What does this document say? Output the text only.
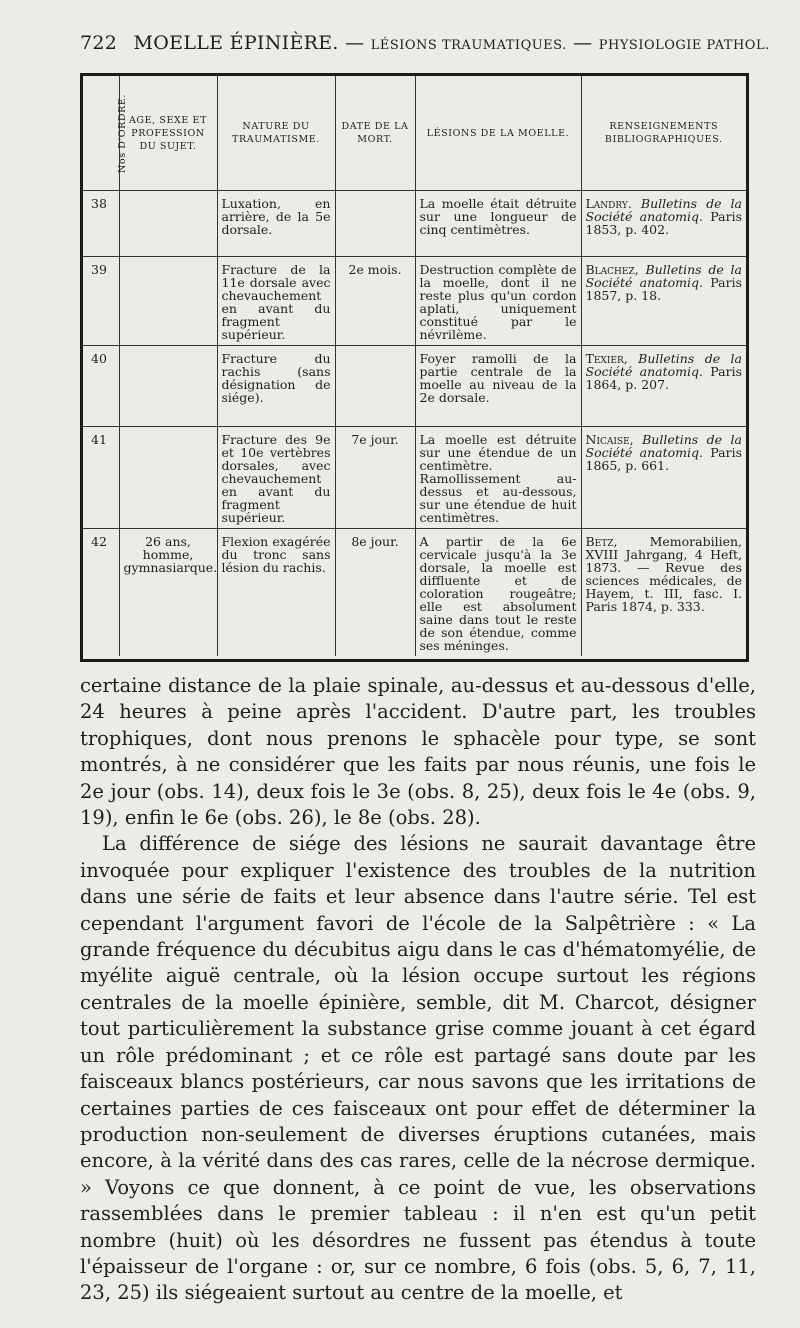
722 MOELLE ÉPINIÈRE. — LÉSIONS TRAUMATIQUES. — PHYSIOLOGIE PATHOL.
Nos D'ORDRE.	AGE, SEXE ET PROFESSION DU SUJET.	NATURE DU TRAUMATISME.	DATE DE LA MORT.	LÉSIONS DE LA MOELLE.	RENSEIGNEMENTS BIBLIOGRAPHIQUES.
38		Luxation, en arrière, de la 5e dorsale.		La moelle était détruite sur une longueur de cinq centimètres.	Landry. Bulletins de la Société anatomiq. Paris 1853, p. 402.
39		Fracture de la 11e dorsale avec chevauchement en avant du fragment supérieur.	2e mois.	Destruction complète de la moelle, dont il ne reste plus qu'un cordon aplati, uniquement constitué par le névrilème.	Blachez, Bulletins de la Société anatomiq. Paris 1857, p. 18.
40		Fracture du rachis (sans désignation de siége).		Foyer ramolli de la partie centrale de la moelle au niveau de la 2e dorsale.	Texier, Bulletins de la Société anatomiq. Paris 1864, p. 207.
41		Fracture des 9e et 10e vertèbres dorsales, avec chevauchement en avant du fragment supérieur.	7e jour.	La moelle est détruite sur une étendue de un centimètre. Ramollissement au-dessus et au-dessous, sur une étendue de huit centimètres.	Nicaise, Bulletins de la Société anatomiq. Paris 1865, p. 661.
42	26 ans, homme, gymnasiarque.	Flexion exagérée du tronc sans lésion du rachis.	8e jour.	A partir de la 6e cervicale jusqu'à la 3e dorsale, la moelle est diffluente et de coloration rougeâtre; elle est absolument saine dans tout le reste de son étendue, comme ses méninges.	Betz, Memorabilien, XVIII Jahrgang, 4 Heft, 1873. — Revue des sciences médicales, de Hayem, t. III, fasc. I. Paris 1874, p. 333.

certaine distance de la plaie spinale, au-dessus et au-dessous d'elle, 24 heures à peine après l'accident. D'autre part, les troubles trophiques, dont nous prenons le sphacèle pour type, se sont montrés, à ne considérer que les faits par nous réunis, une fois le 2e jour (obs. 14), deux fois le 3e (obs. 8, 25), deux fois le 4e (obs. 9, 19), enfin le 6e (obs. 26), le 8e (obs. 28).

La différence de siége des lésions ne saurait davantage être invoquée pour expliquer l'existence des troubles de la nutrition dans une série de faits et leur absence dans l'autre série. Tel est cependant l'argument favori de l'école de la Salpêtrière : « La grande fréquence du décubitus aigu dans le cas d'hématomyélie, de myélite aiguë centrale, où la lésion occupe surtout les régions centrales de la moelle épinière, semble, dit M. Charcot, désigner tout particulièrement la substance grise comme jouant à cet égard un rôle prédominant ; et ce rôle est partagé sans doute par les faisceaux blancs postérieurs, car nous savons que les irritations de certaines parties de ces faisceaux ont pour effet de déterminer la production non-seulement de diverses éruptions cutanées, mais encore, à la vérité dans des cas rares, celle de la nécrose dermique. » Voyons ce que donnent, à ce point de vue, les observations rassemblées dans le premier tableau : il n'en est qu'un petit nombre (huit) où les désordres ne fussent pas étendus à toute l'épaisseur de l'organe : or, sur ce nombre, 6 fois (obs. 5, 6, 7, 11, 23, 25) ils siégeaient surtout au centre de la moelle, et
